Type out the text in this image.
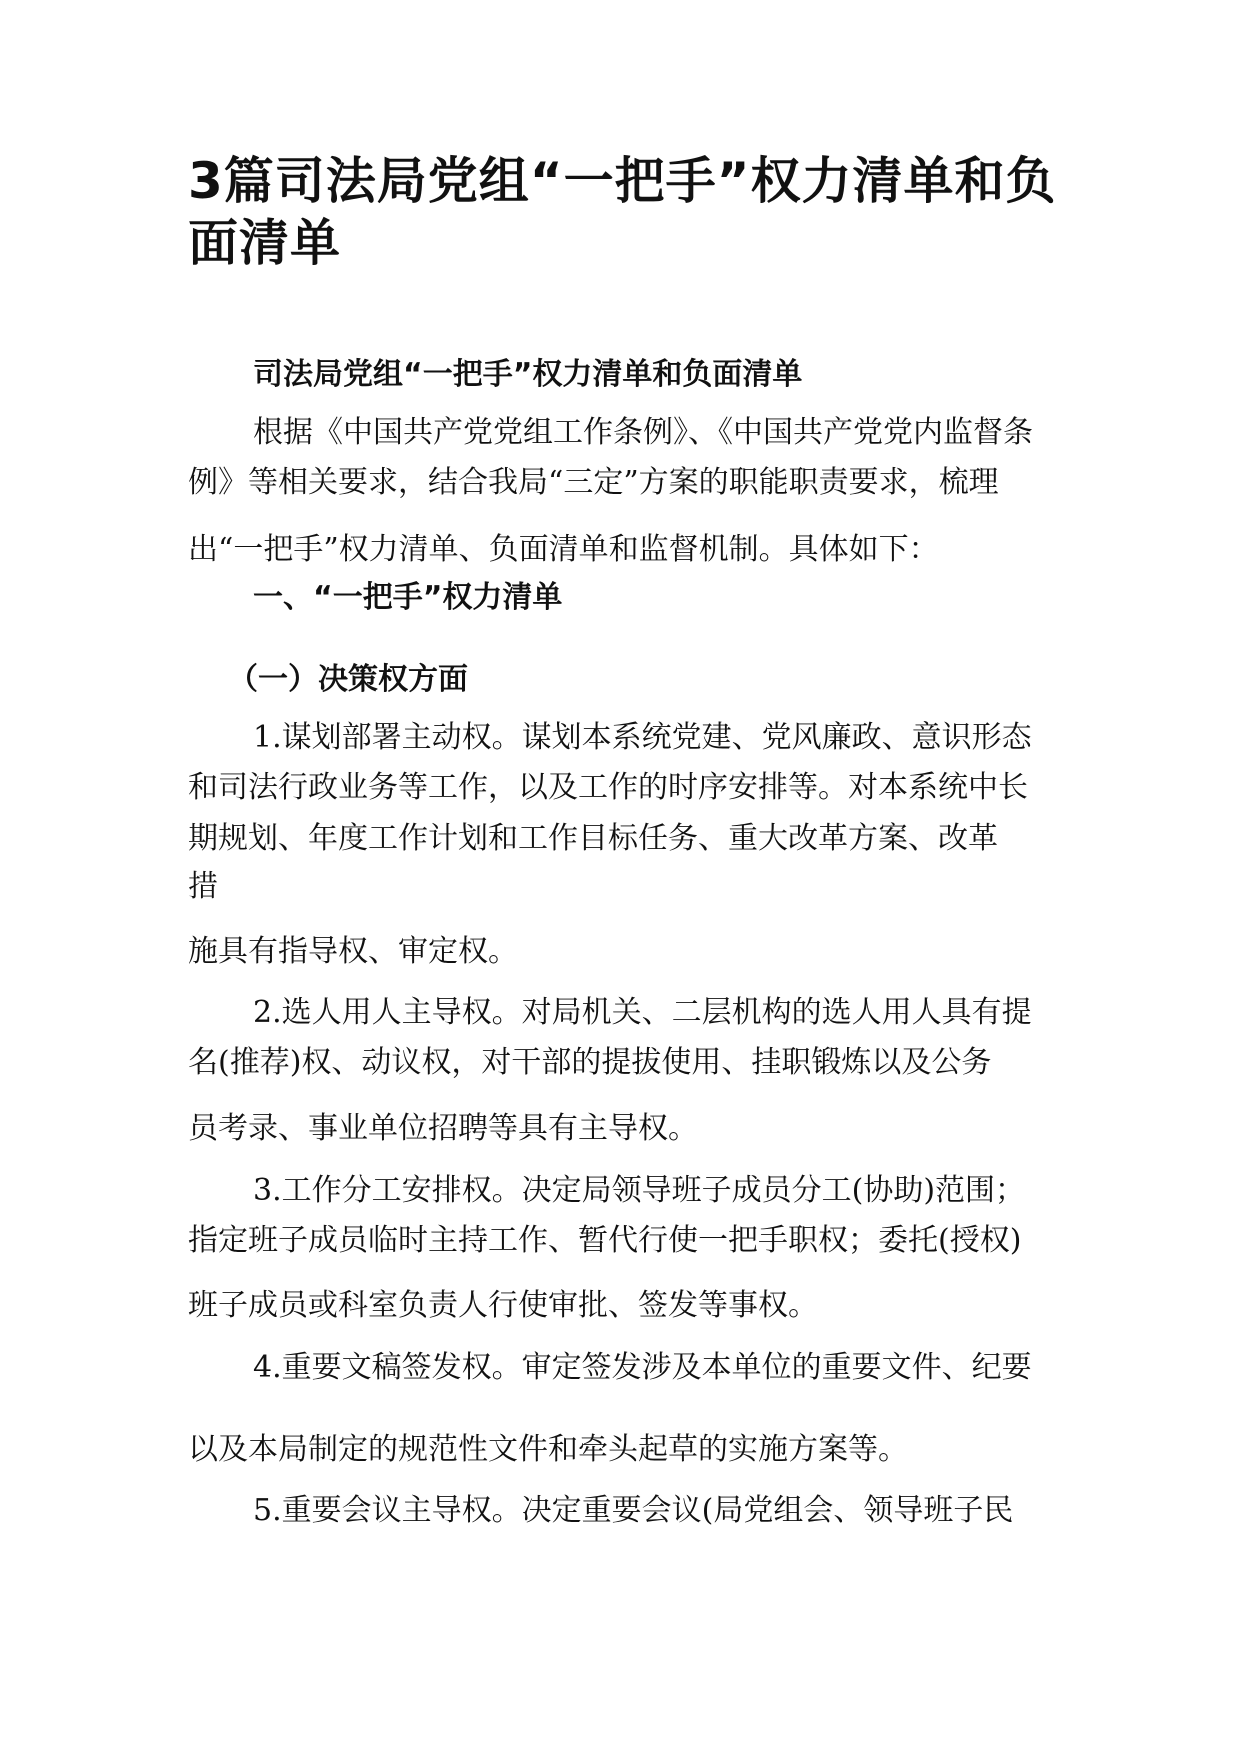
3篇司法局党组“一把手”权力清单和负面清单

司法局党组“一把手”权力清单和负面清单

根据《中国共产党党组工作条例》、《中国共产党党内监督条

例》等相关要求，结合我局“三定”方案的职能职责要求，梳理

出“一把手”权力清单、负面清单和监督机制。具体如下：

一、“一把手”权力清单

（一）决策权方面

1.谋划部署主动权。谋划本系统党建、党风廉政、意识形态

和司法行政业务等工作，以及工作的时序安排等。对本系统中长

期规划、年度工作计划和工作目标任务、重大改革方案、改革

措

施具有指导权、审定权。

2.选人用人主导权。对局机关、二层机构的选人用人具有提

名(推荐)权、动议权，对干部的提拔使用、挂职锻炼以及公务

员考录、事业单位招聘等具有主导权。

3.工作分工安排权。决定局领导班子成员分工(协助)范围；

指定班子成员临时主持工作、暂代行使一把手职权；委托(授权)

班子成员或科室负责人行使审批、签发等事权。

4.重要文稿签发权。审定签发涉及本单位的重要文件、纪要

以及本局制定的规范性文件和牵头起草的实施方案等。

5.重要会议主导权。决定重要会议(局党组会、领导班子民
